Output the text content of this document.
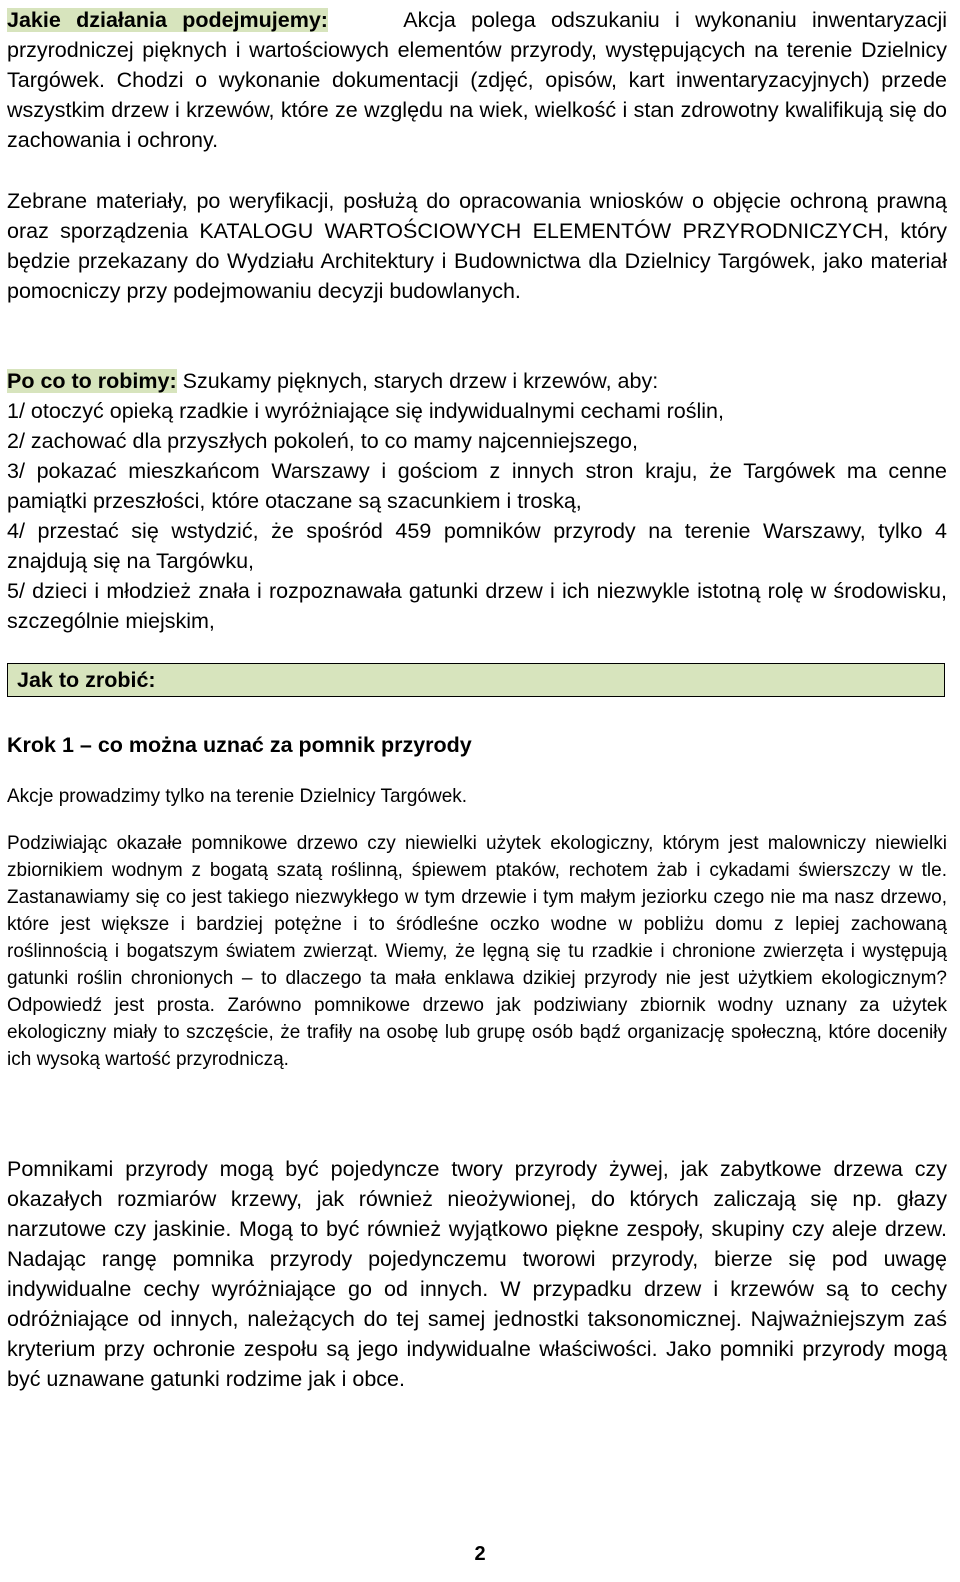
Jakie działania podejmujemy:	Akcja polega odszukaniu i wykonaniu inwentaryzacji przyrodniczej pięknych i wartościowych elementów przyrody, występujących na terenie Dzielnicy Targówek. Chodzi o wykonanie dokumentacji (zdjęć, opisów, kart inwentaryzacyjnych) przede wszystkim drzew i krzewów, które ze względu na wiek, wielkość i stan zdrowotny kwalifikują się do zachowania i ochrony.
Zebrane materiały, po weryfikacji, posłużą do opracowania wniosków o objęcie ochroną prawną oraz sporządzenia KATALOGU WARTOŚCIOWYCH ELEMENTÓW PRZYRODNICZYCH, który będzie przekazany do Wydziału Architektury i Budownictwa dla Dzielnicy Targówek, jako materiał pomocniczy przy podejmowaniu decyzji budowlanych.
Po co to robimy: Szukamy pięknych, starych drzew i krzewów, aby:
1/ otoczyć opieką rzadkie i wyróżniające się indywidualnymi cechami roślin,
2/ zachować dla przyszłych pokoleń, to co mamy najcenniejszego,
3/ pokazać mieszkańcom Warszawy i gościom z innych stron kraju, że Targówek ma cenne pamiątki przeszłości, które otaczane są szacunkiem i troską,
4/ przestać się wstydzić, że spośród 459 pomników przyrody na terenie Warszawy, tylko 4 znajdują się na Targówku,
5/ dzieci i młodzież znała i rozpoznawała gatunki drzew i ich niezwykle istotną rolę w środowisku, szczególnie miejskim,
Jak to zrobić:
Krok 1 – co można uznać za pomnik przyrody
Akcje prowadzimy tylko na terenie Dzielnicy Targówek.
Podziwiając okazałe pomnikowe drzewo czy niewielki użytek ekologiczny, którym jest malowniczy niewielki zbiornikiem wodnym z bogatą szatą roślinną, śpiewem ptaków, rechotem żab i cykadami świerszczy w tle. Zastanawiamy się co jest takiego niezwykłego w tym drzewie i tym małym jeziorku czego nie ma nasz drzewo, które jest większe i bardziej potężne i to śródleśne oczko wodne w pobliżu domu z lepiej zachowaną roślinnością i bogatszym światem zwierząt. Wiemy, że lęgną się tu rzadkie i chronione zwierzęta i występują gatunki roślin chronionych – to dlaczego ta mała enklawa dzikiej przyrody nie jest użytkiem ekologicznym? Odpowiedź jest prosta. Zarówno pomnikowe drzewo jak podziwiany zbiornik wodny uznany za użytek ekologiczny miały to szczęście, że trafiły na osobę lub grupę osób bądź organizację społeczną, które doceniły ich wysoką wartość przyrodniczą.
Pomnikami przyrody mogą być pojedyncze twory przyrody żywej, jak zabytkowe drzewa czy okazałych rozmiarów krzewy, jak również nieożywionej, do których zaliczają się np. głazy narzutowe czy jaskinie. Mogą to być również wyjątkowo piękne zespoły, skupiny czy aleje drzew.
Nadając rangę pomnika przyrody pojedynczemu tworowi przyrody, bierze się pod uwagę indywidualne cechy wyróżniające go od innych. W przypadku drzew i krzewów są to cechy odróżniające od innych, należących do tej samej jednostki taksonomicznej. Najważniejszym zaś kryterium przy ochronie zespołu są jego indywidualne właściwości. Jako pomniki przyrody mogą być uznawane gatunki rodzime jak i obce.
2
